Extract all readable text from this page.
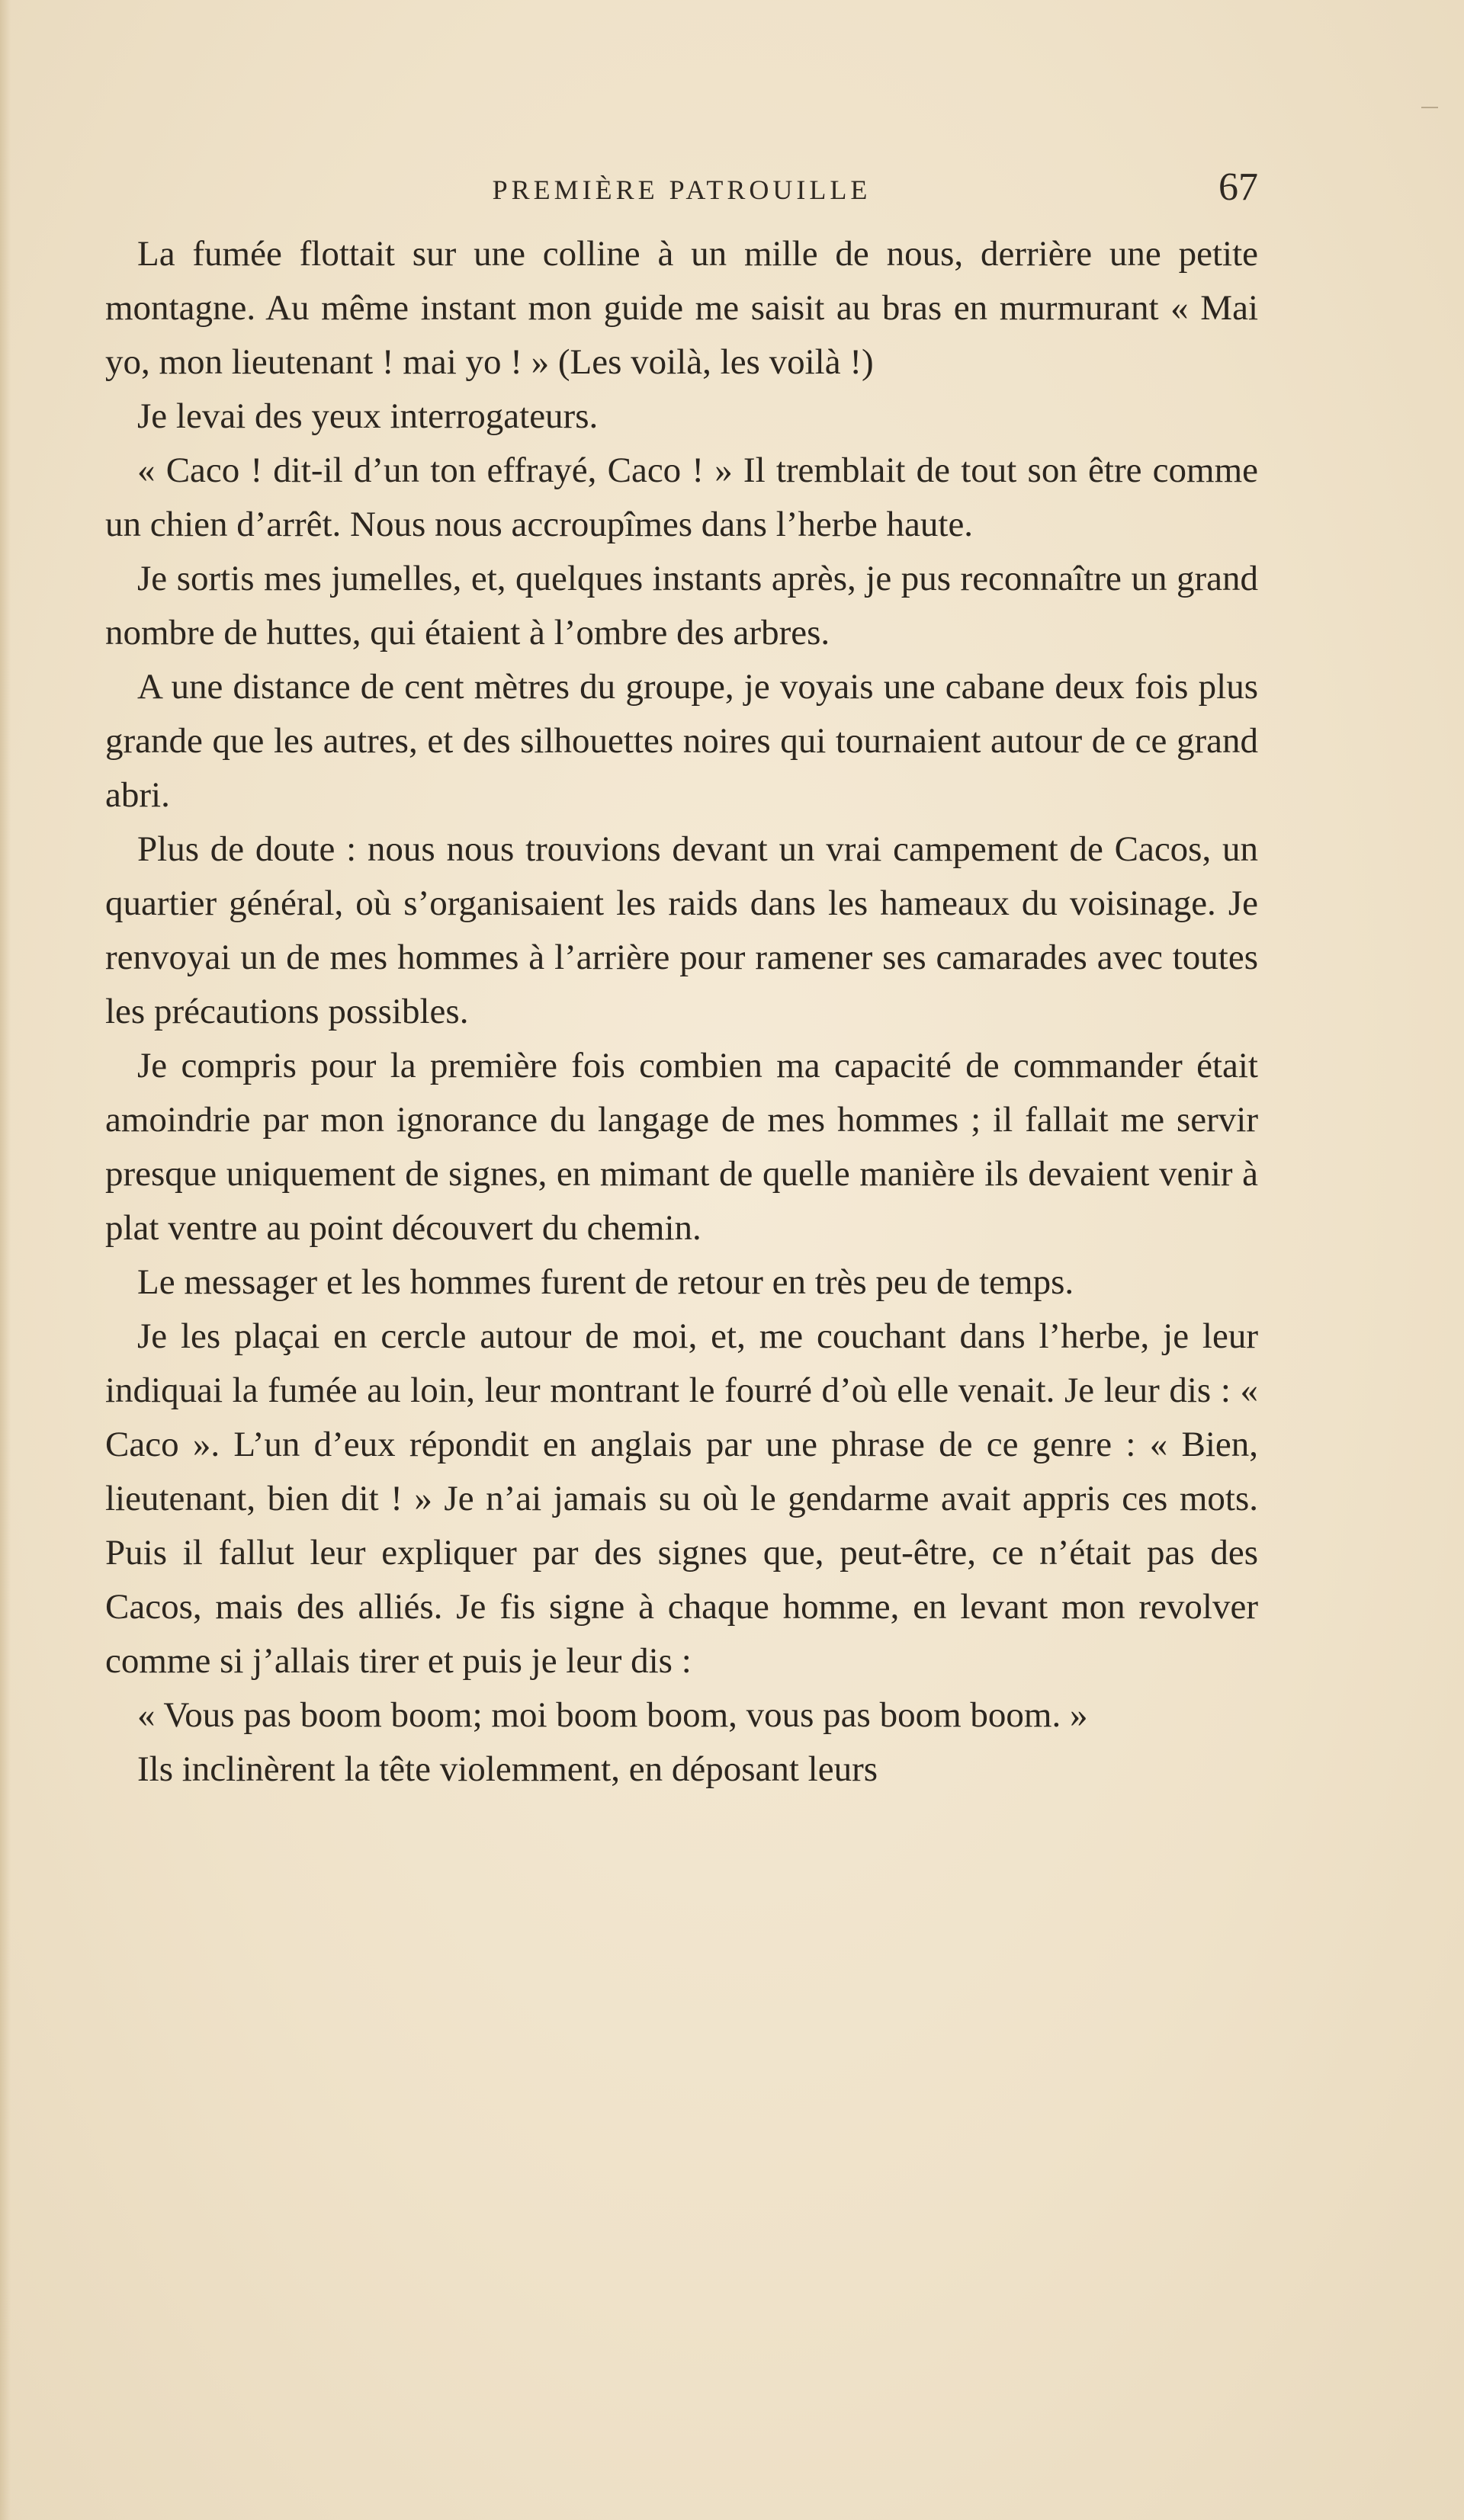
PREMIÈRE PATROUILLE	67

La fumée flottait sur une colline à un mille de nous, derrière une petite montagne. Au même instant mon guide me saisit au bras en murmurant « Mai yo, mon lieutenant ! mai yo ! » (Les voilà, les voilà !)

Je levai des yeux interrogateurs.

« Caco ! dit-il d’un ton effrayé, Caco ! » Il tremblait de tout son être comme un chien d’arrêt. Nous nous accroupîmes dans l’herbe haute.

Je sortis mes jumelles, et, quelques instants après, je pus reconnaître un grand nombre de huttes, qui étaient à l’ombre des arbres.

A une distance de cent mètres du groupe, je voyais une cabane deux fois plus grande que les autres, et des silhouettes noires qui tournaient autour de ce grand abri.

Plus de doute : nous nous trouvions devant un vrai campement de Cacos, un quartier général, où s’organisaient les raids dans les hameaux du voisinage. Je renvoyai un de mes hommes à l’arrière pour ramener ses camarades avec toutes les précautions possibles.

Je compris pour la première fois combien ma capacité de commander était amoindrie par mon ignorance du langage de mes hommes ; il fallait me servir presque uniquement de signes, en mimant de quelle manière ils devaient venir à plat ventre au point découvert du chemin.

Le messager et les hommes furent de retour en très peu de temps.

Je les plaçai en cercle autour de moi, et, me couchant dans l’herbe, je leur indiquai la fumée au loin, leur montrant le fourré d’où elle venait. Je leur dis : « Caco ». L’un d’eux répondit en anglais par une phrase de ce genre : « Bien, lieutenant, bien dit ! » Je n’ai jamais su où le gendarme avait appris ces mots. Puis il fallut leur expliquer par des signes que, peut-être, ce n’était pas des Cacos, mais des alliés. Je fis signe à chaque homme, en levant mon revolver comme si j’allais tirer et puis je leur dis :

« Vous pas boom boom; moi boom boom, vous pas boom boom. »

Ils inclinèrent la tête violemment, en déposant leurs
